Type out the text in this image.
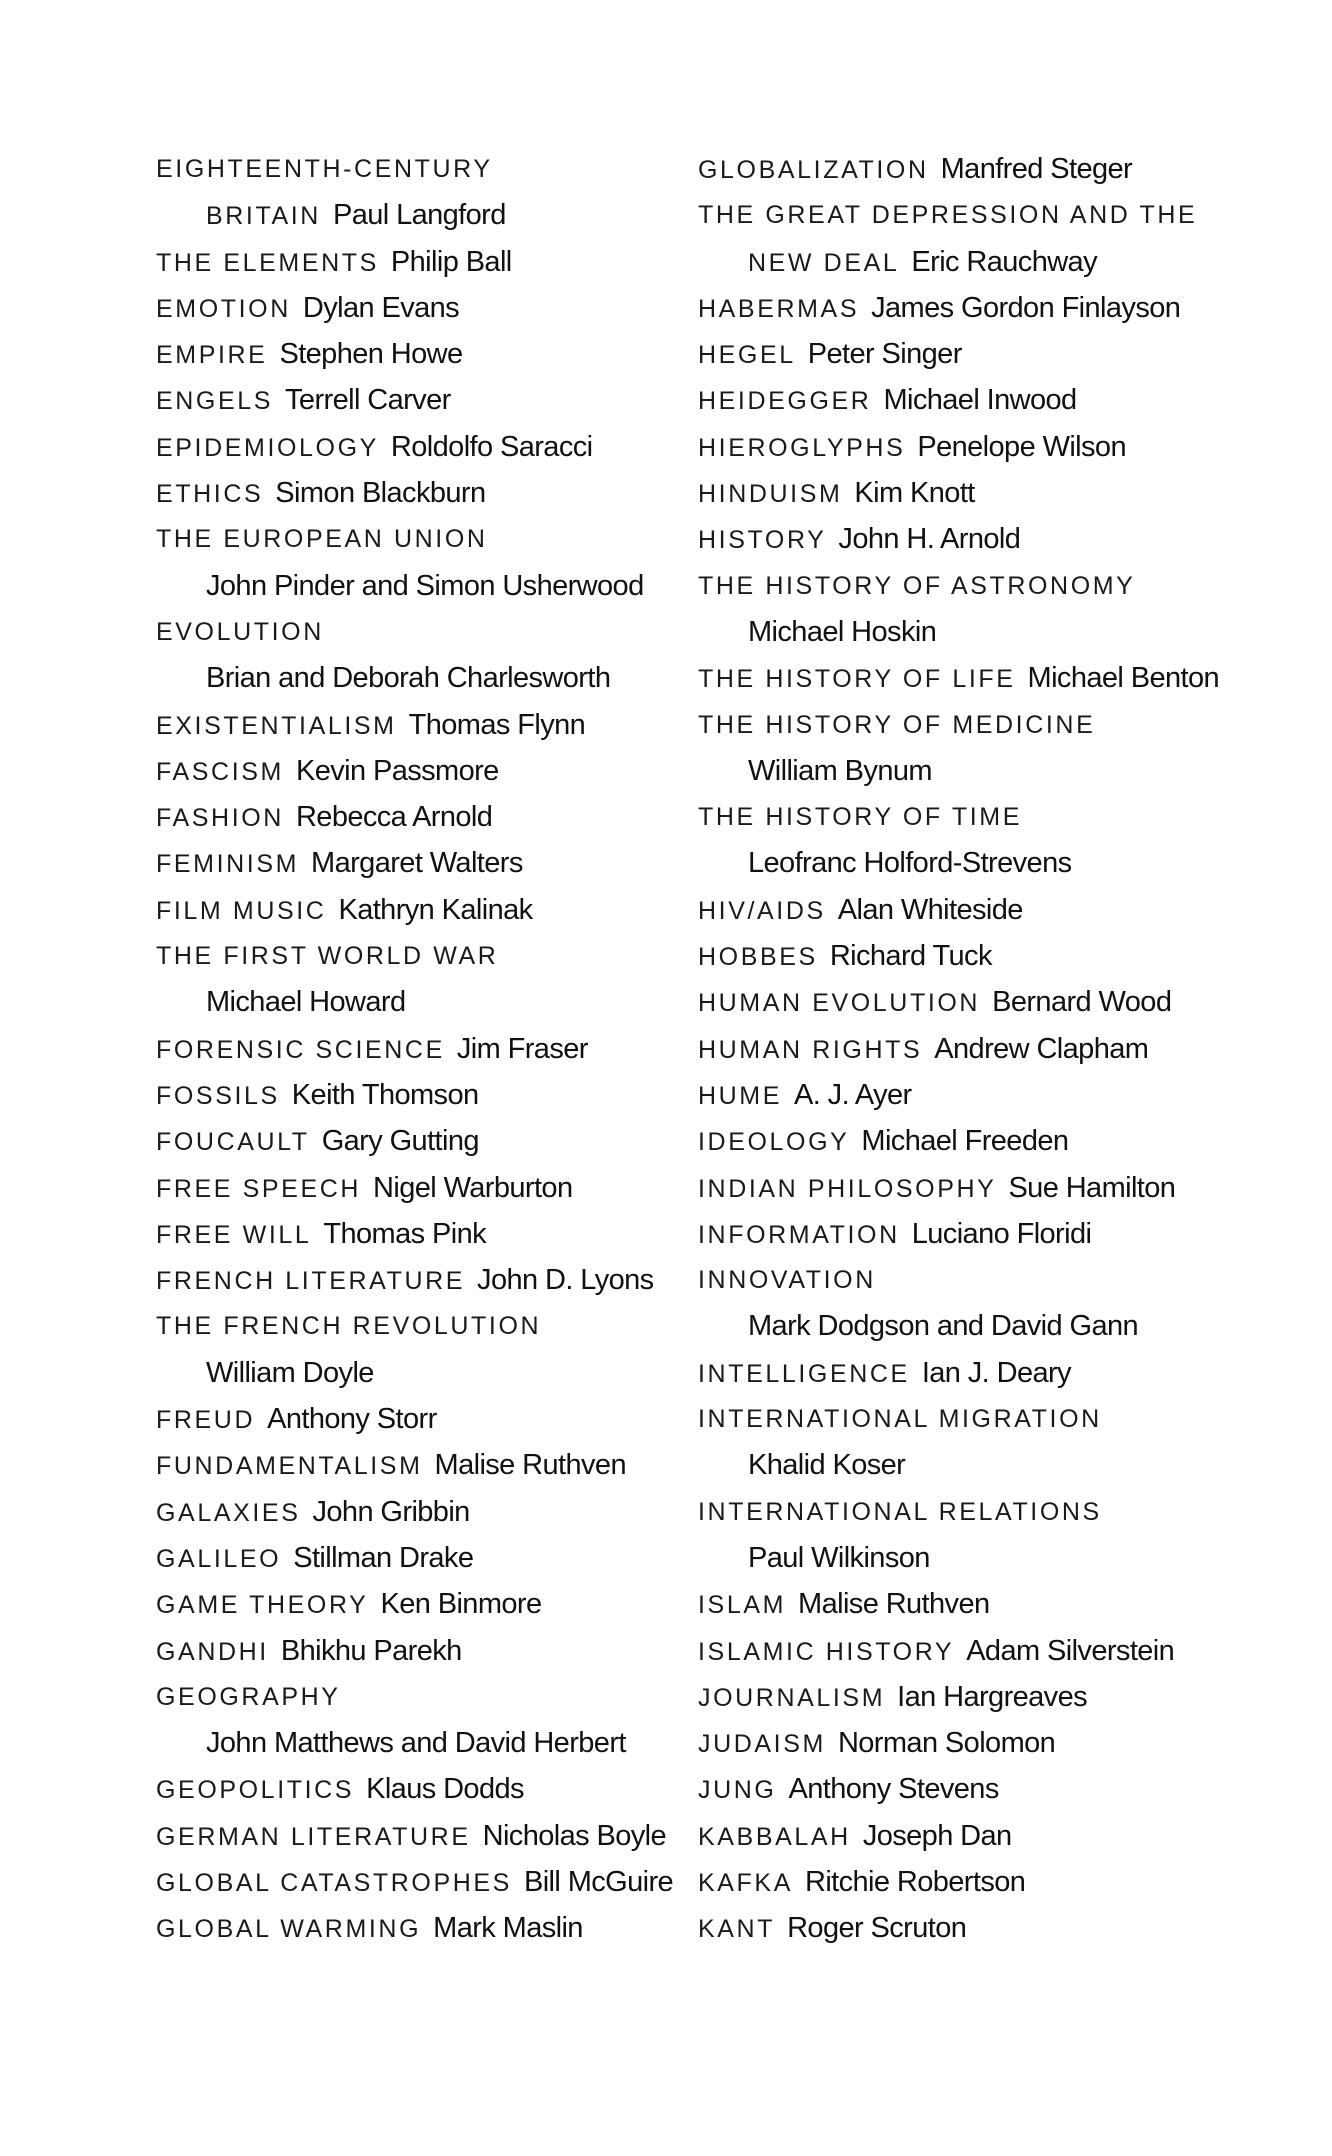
EIGHTEENTH-CENTURY
BRITAIN Paul Langford
THE ELEMENTS Philip Ball
EMOTION Dylan Evans
EMPIRE Stephen Howe
ENGELS Terrell Carver
EPIDEMIOLOGY Roldolfo Saracci
ETHICS Simon Blackburn
THE EUROPEAN UNION
John Pinder and Simon Usherwood
EVOLUTION
Brian and Deborah Charlesworth
EXISTENTIALISM Thomas Flynn
FASCISM Kevin Passmore
FASHION Rebecca Arnold
FEMINISM Margaret Walters
FILM MUSIC Kathryn Kalinak
THE FIRST WORLD WAR
Michael Howard
FORENSIC SCIENCE Jim Fraser
FOSSILS Keith Thomson
FOUCAULT Gary Gutting
FREE SPEECH Nigel Warburton
FREE WILL Thomas Pink
FRENCH LITERATURE John D. Lyons
THE FRENCH REVOLUTION
William Doyle
FREUD Anthony Storr
FUNDAMENTALISM Malise Ruthven
GALAXIES John Gribbin
GALILEO Stillman Drake
GAME THEORY Ken Binmore
GANDHI Bhikhu Parekh
GEOGRAPHY
John Matthews and David Herbert
GEOPOLITICS Klaus Dodds
GERMAN LITERATURE Nicholas Boyle
GLOBAL CATASTROPHES Bill McGuire
GLOBAL WARMING Mark Maslin
GLOBALIZATION Manfred Steger
THE GREAT DEPRESSION AND THE
NEW DEAL Eric Rauchway
HABERMAS James Gordon Finlayson
HEGEL Peter Singer
HEIDEGGER Michael Inwood
HIEROGLYPHS Penelope Wilson
HINDUISM Kim Knott
HISTORY John H. Arnold
THE HISTORY OF ASTRONOMY
Michael Hoskin
THE HISTORY OF LIFE Michael Benton
THE HISTORY OF MEDICINE
William Bynum
THE HISTORY OF TIME
Leofranc Holford-Strevens
HIV/AIDS Alan Whiteside
HOBBES Richard Tuck
HUMAN EVOLUTION Bernard Wood
HUMAN RIGHTS Andrew Clapham
HUME A. J. Ayer
IDEOLOGY Michael Freeden
INDIAN PHILOSOPHY Sue Hamilton
INFORMATION Luciano Floridi
INNOVATION
Mark Dodgson and David Gann
INTELLIGENCE Ian J. Deary
INTERNATIONAL MIGRATION
Khalid Koser
INTERNATIONAL RELATIONS
Paul Wilkinson
ISLAM Malise Ruthven
ISLAMIC HISTORY Adam Silverstein
JOURNALISM Ian Hargreaves
JUDAISM Norman Solomon
JUNG Anthony Stevens
KABBALAH Joseph Dan
KAFKA Ritchie Robertson
KANT Roger Scruton
